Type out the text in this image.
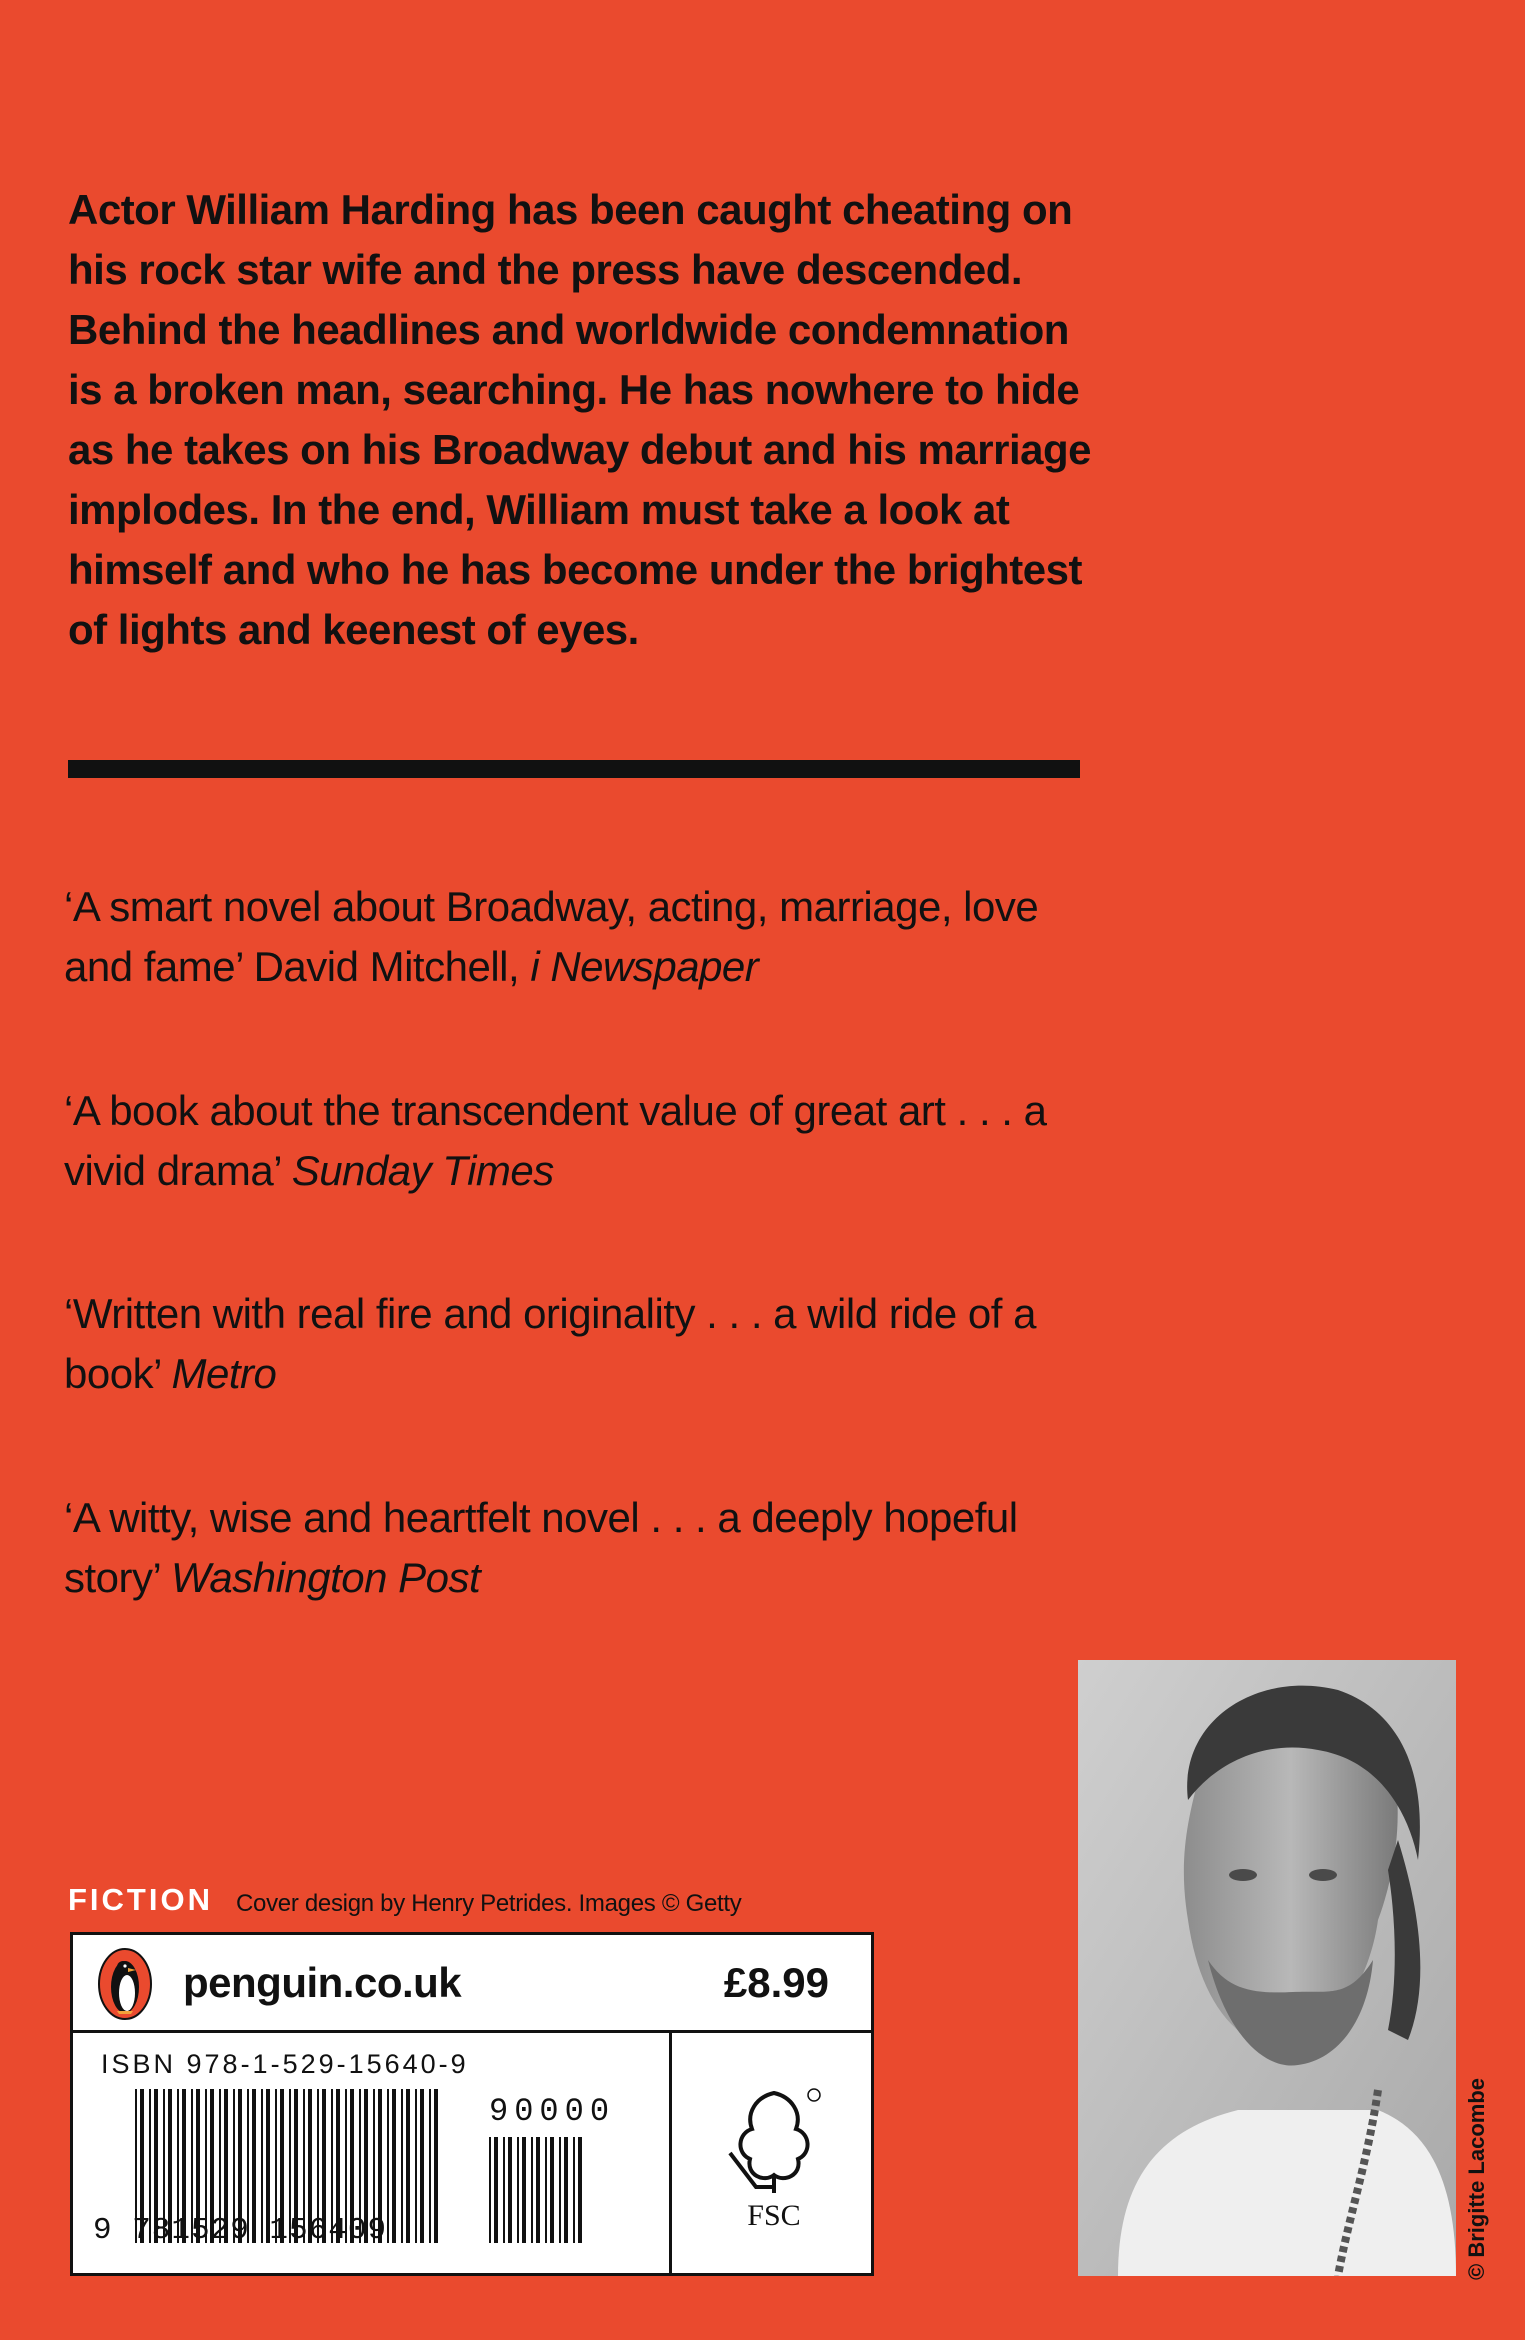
Actor William Harding has been caught cheating on his rock star wife and the press have descended. Behind the headlines and worldwide condemnation is a broken man, searching. He has nowhere to hide as he takes on his Broadway debut and his marriage implodes. In the end, William must take a look at himself and who he has become under the brightest of lights and keenest of eyes.

‘A smart novel about Broadway, acting, marriage, love and fame’ David Mitchell, i Newspaper

‘A book about the transcendent value of great art . . . a vivid drama’ Sunday Times

‘Written with real fire and originality . . . a wild ride of a book’ Metro

‘A witty, wise and heartfelt novel . . . a deeply hopeful story’ Washington Post

FICTION Cover design by Henry Petrides. Images © Getty
penguin.co.uk	£8.99
ISBN 978-1-529-15640-9
90000
9 781529 156409	FSC	© Brigitte Lacombe
